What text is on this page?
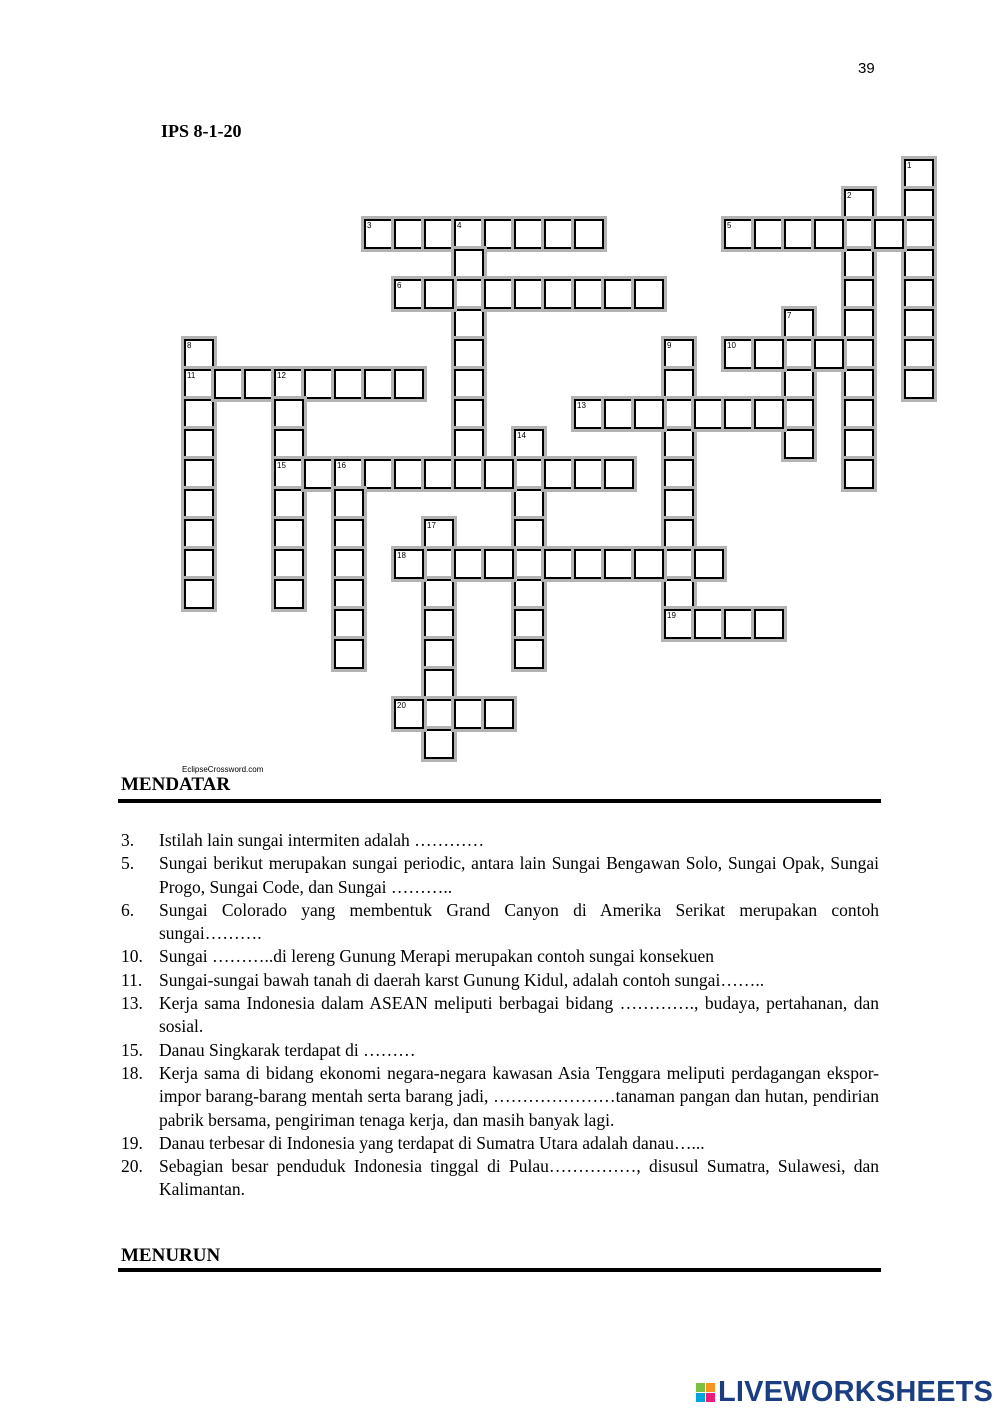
39
IPS 8-1-20
1
2
3	4	5
6
7
8
11
9
19
10
12
15
13
14
16
17
18
20
EclipseCrossword.com
MENDATAR
3.	Istilah lain sungai intermiten adalah …………
5.	Sungai berikut merupakan sungai periodic, antara lain Sungai Bengawan Solo, Sungai Opak, Sungai Progo, Sungai Code, dan Sungai ………..
6.	Sungai Colorado yang membentuk Grand Canyon di Amerika Serikat merupakan contoh sungai……….
10. Sungai ………..di lereng Gunung Merapi merupakan contoh sungai konsekuen
11. Sungai-sungai bawah tanah di daerah karst Gunung Kidul, adalah contoh sungai……..
13. Kerja sama Indonesia dalam ASEAN meliputi berbagai bidang …………., budaya, pertahanan, dan sosial.
15. Danau Singkarak terdapat di ………
18. Kerja sama di bidang ekonomi negara-negara kawasan Asia Tenggara meliputi perdagangan ekspor-impor barang-barang mentah serta barang jadi, …………………tanaman pangan dan hutan, pendirian pabrik bersama, pengiriman tenaga kerja, dan masih banyak lagi.
19. Danau terbesar di Indonesia yang terdapat di Sumatra Utara adalah danau…...
20. Sebagian besar penduduk Indonesia tinggal di Pulau……………, disusul Sumatra, Sulawesi, dan Kalimantan.
MENURUN
LIVEWORKSHEETS
